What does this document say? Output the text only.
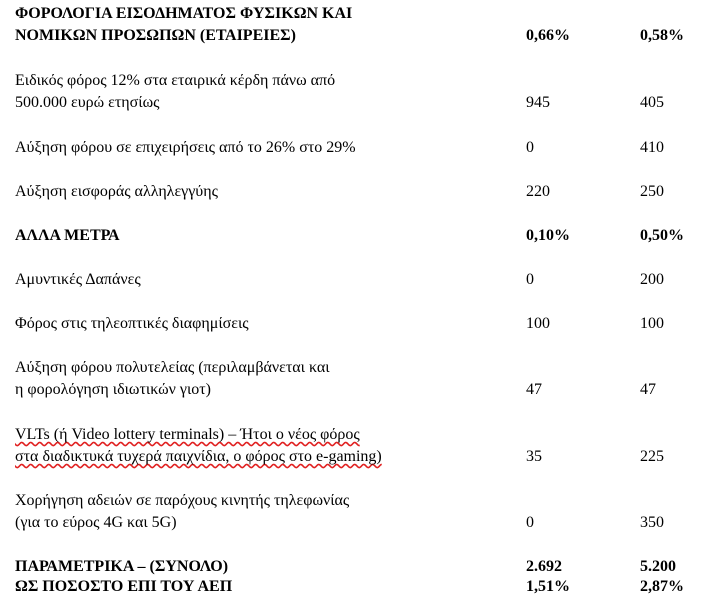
ΦΟΡΟΛΟΓΙΑ ΕΙΣΟΔΗΜΑΤΟΣ ΦΥΣΙΚΩΝ ΚΑΙ
ΝΟΜΙΚΩΝ ΠΡΟΣΩΠΩΝ (ΕΤΑΙΡΕΙΕΣ)	0,66%	0,58%
Ειδικός φόρος 12% στα εταιρικά κέρδη πάνω από
500.000 ευρώ ετησίως	945	405
Αύξηση φόρου σε επιχειρήσεις από το 26% στο 29%	0	410
Αύξηση εισφοράς αλληλεγγύης	220	250
ΑΛΛΑ ΜΕΤΡΑ	0,10%	0,50%
Αμυντικές Δαπάνες	0	200
Φόρος στις τηλεοπτικές διαφημίσεις	100	100
Αύξηση φόρου πολυτελείας (περιλαμβάνεται και
η φορολόγηση ιδιωτικών γιοτ)	47	47
VLTs (ή Video lottery terminals) – Ήτοι ο νέος φόρος
στα διαδικτυκά τυχερά παιχνίδια, ο φόρος στο e-gaming)	35	225
Χορήγηση αδειών σε παρόχους κινητής τηλεφωνίας
(για το εύρος 4G και 5G)	0	350
ΠΑΡΑΜΕΤΡΙΚΑ – (ΣΥΝΟΛΟ)	2.692	5.200
ΩΣ ΠΟΣΟΣΤΟ ΕΠΙ ΤΟΥ ΑΕΠ	1,51%	2,87%
